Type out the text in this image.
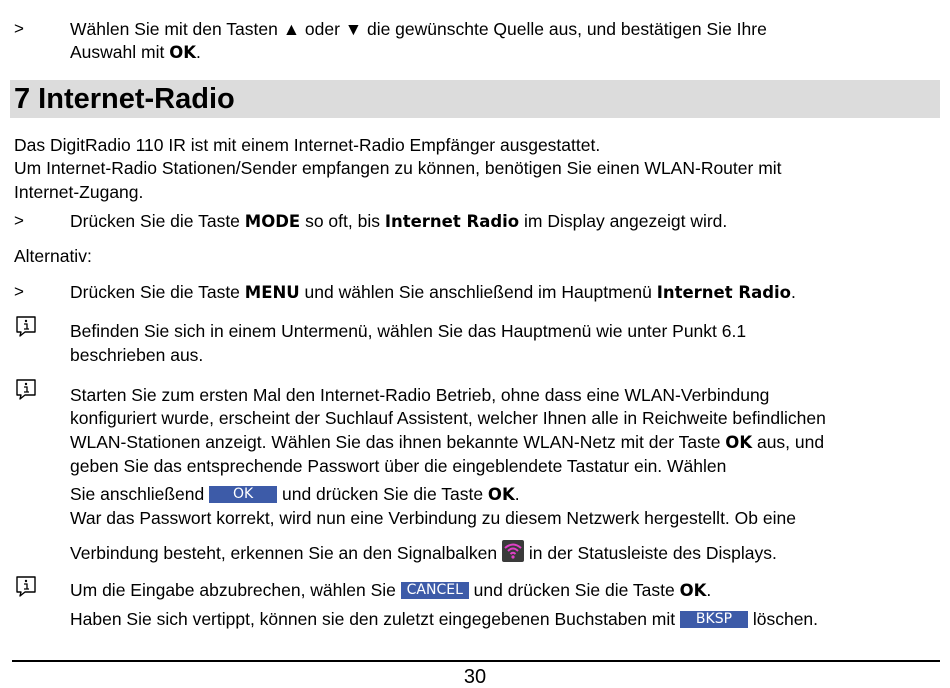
>	Wählen Sie mit den Tasten ▲ oder ▼ die gewünschte Quelle aus, und bestätigen Sie Ihre
Auswahl mit OK.
7 Internet-Radio
Das DigitRadio 110 IR ist mit einem Internet-Radio Empfänger ausgestattet.
Um Internet-Radio Stationen/Sender empfangen zu können, benötigen Sie einen WLAN-Router mit
Internet-Zugang.
>	Drücken Sie die Taste MODE so oft, bis Internet Radio im Display angezeigt wird.
Alternativ:
>	Drücken Sie die Taste MENU und wählen Sie anschließend im Hauptmenü Internet Radio.
Befinden Sie sich in einem Untermenü, wählen Sie das Hauptmenü wie unter Punkt 6.1
beschrieben aus.
Starten Sie zum ersten Mal den Internet-Radio Betrieb, ohne dass eine WLAN-Verbindung
konfiguriert wurde, erscheint der Suchlauf Assistent, welcher Ihnen alle in Reichweite befindlichen
WLAN-Stationen anzeigt. Wählen Sie das ihnen bekannte WLAN-Netz mit der Taste OK aus, und
geben Sie das entsprechende Passwort über die eingeblendete Tastatur ein. Wählen
Sie anschließend OK und drücken Sie die Taste OK.
War das Passwort korrekt, wird nun eine Verbindung zu diesem Netzwerk hergestellt. Ob eine
Verbindung besteht, erkennen Sie an den Signalbalken  in der Statusleiste des Displays.
Um die Eingabe abzubrechen, wählen Sie CANCEL und drücken Sie die Taste OK.
Haben Sie sich vertippt, können sie den zuletzt eingegebenen Buchstaben mit BKSP löschen.
30
